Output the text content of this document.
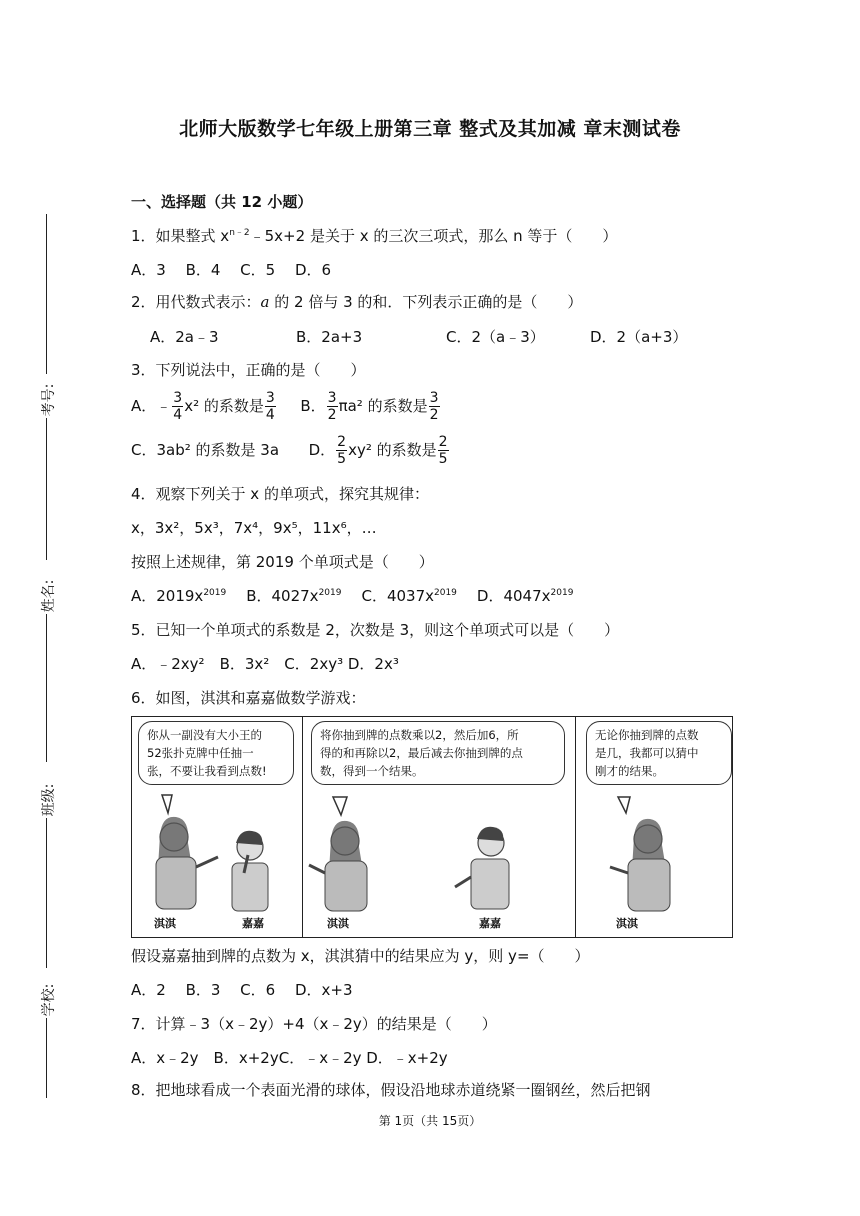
北师大版数学七年级上册第三章 整式及其加减 章末测试卷
考号:
姓名:
班级:
学校:
一、选择题（共 12 小题）
1．如果整式 $x^{n﹣2}﹣5x+2$ 是关于 x 的三次三项式，那么 n 等于（　　）
A．3　 B．4　 C．5　 D．6
2．用代数式表示：a 的 2 倍与 3 的和．下列表示正确的是（　　）
A．2a﹣3	B．2a+3	C．2（a﹣3）	D．2（a+3）
3．下列说法中，正确的是（　　）
A．﹣ $\frac{3}{4} x^2$ 的系数是 $\frac{3}{4}$ B． $\frac{3}{2} \pi a^2$ 的系数是 $\frac{3}{2}$
C．3ab² 的系数是 3a D． $\frac{2}{5} xy^2$ 的系数是 $\frac{2}{5}$
4．观察下列关于 x 的单项式，探究其规律：
x，3x²，5x³，7x⁴，9x⁵，11x⁶，…
按照上述规律，第 2019 个单项式是（　　）
A．$2019x^{2019}$ B．$4027x^{2019}$ C．$4037x^{2019}$ D．$4047x^{2019}$
5．已知一个单项式的系数是 2，次数是 3，则这个单项式可以是（　　）
A．﹣2xy²　B．3x²　C．2xy³ D．2x³
6．如图，淇淇和嘉嘉做数学游戏：
你从一副没有大小王的
52张扑克牌中任抽一
张，不要让我看到点数!
淇淇	嘉嘉
将你抽到牌的点数乘以2，然后加6，所
得的和再除以2，最后减去你抽到牌的点
数，得到一个结果。
淇淇	嘉嘉
无论你抽到牌的点数
是几，我都可以猜中
刚才的结果。
淇淇
假设嘉嘉抽到牌的点数为 x，淇淇猜中的结果应为 y，则 y=（　　）
A．2　 B．3　 C．6　 D．x+3
7．计算﹣3（x﹣2y）+4（x﹣2y）的结果是（　　）
A．x﹣2y　B．x+2yC．﹣x﹣2y D．﹣x+2y
8．把地球看成一个表面光滑的球体，假设沿地球赤道绕紧一圈钢丝，然后把钢
第 1页（共 15页）
